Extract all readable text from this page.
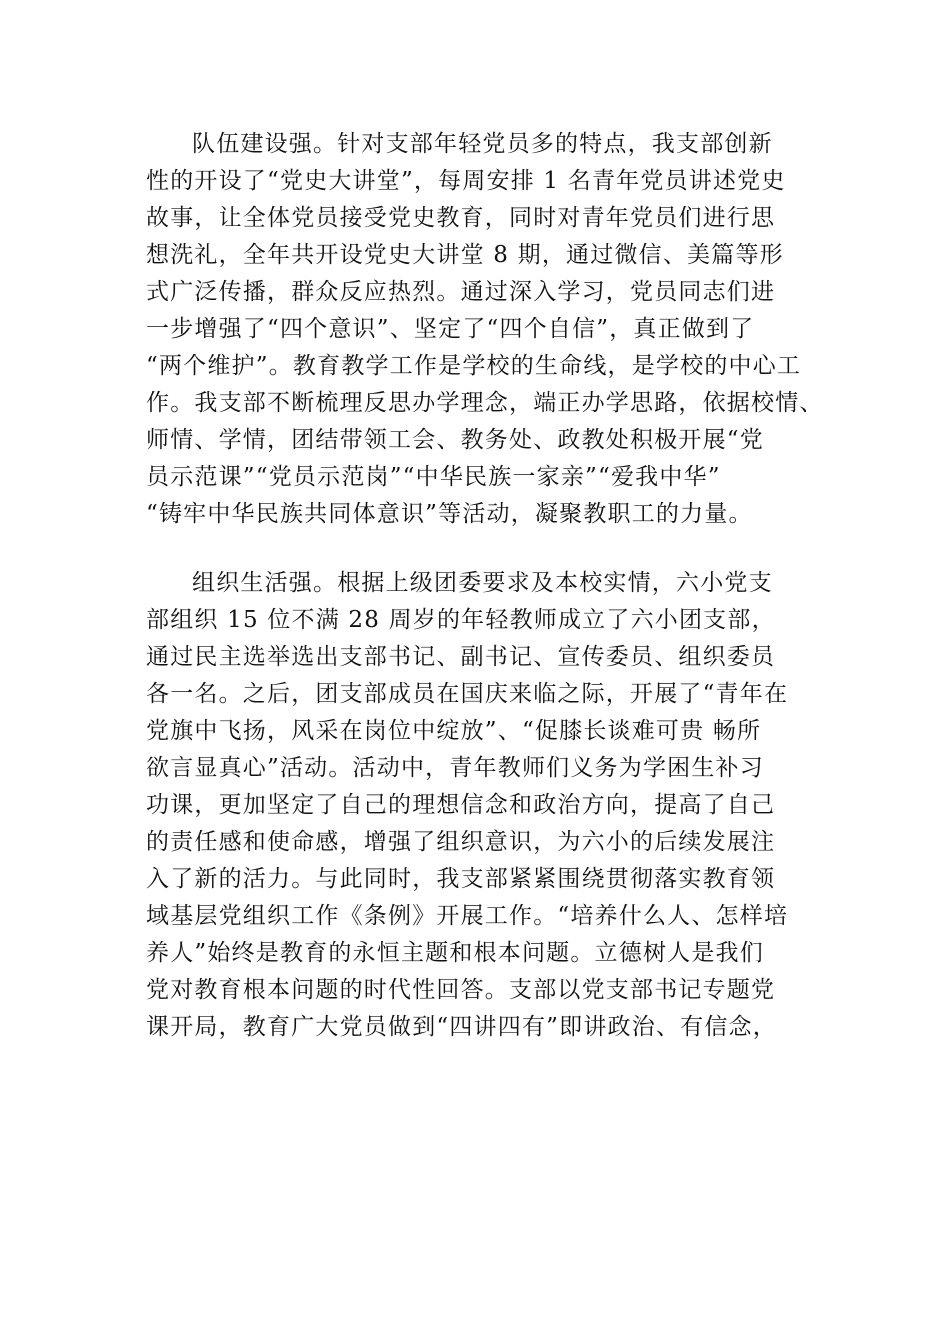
队伍建设强。针对支部年轻党员多的特点，我支部创新
性的开设了“党史大讲堂”，每周安排 1 名青年党员讲述党史
故事，让全体党员接受党史教育，同时对青年党员们进行思
想洗礼，全年共开设党史大讲堂 8 期，通过微信、美篇等形
式广泛传播，群众反应热烈。通过深入学习，党员同志们进
一步增强了“四个意识”、坚定了“四个自信”，真正做到了
“两个维护”。教育教学工作是学校的生命线，是学校的中心工
作。我支部不断梳理反思办学理念，端正办学思路，依据校情、
师情、学情，团结带领工会、教务处、政教处积极开展“党
员示范课”“党员示范岗”“中华民族一家亲”“爱我中华”
“铸牢中华民族共同体意识”等活动，凝聚教职工的力量。
组织生活强。根据上级团委要求及本校实情，六小党支
部组织 15 位不满 28 周岁的年轻教师成立了六小团支部，
通过民主选举选出支部书记、副书记、宣传委员、组织委员
各一名。之后，团支部成员在国庆来临之际，开展了“青年在
党旗中飞扬，风采在岗位中绽放”、“促膝长谈难可贵 畅所
欲言显真心”活动。活动中，青年教师们义务为学困生补习
功课，更加坚定了自己的理想信念和政治方向，提高了自己
的责任感和使命感，增强了组织意识，为六小的后续发展注
入了新的活力。与此同时，我支部紧紧围绕贯彻落实教育领
域基层党组织工作《条例》开展工作。“培养什么人、怎样培
养人”始终是教育的永恒主题和根本问题。立德树人是我们
党对教育根本问题的时代性回答。支部以党支部书记专题党
课开局，教育广大党员做到“四讲四有”即讲政治、有信念，
